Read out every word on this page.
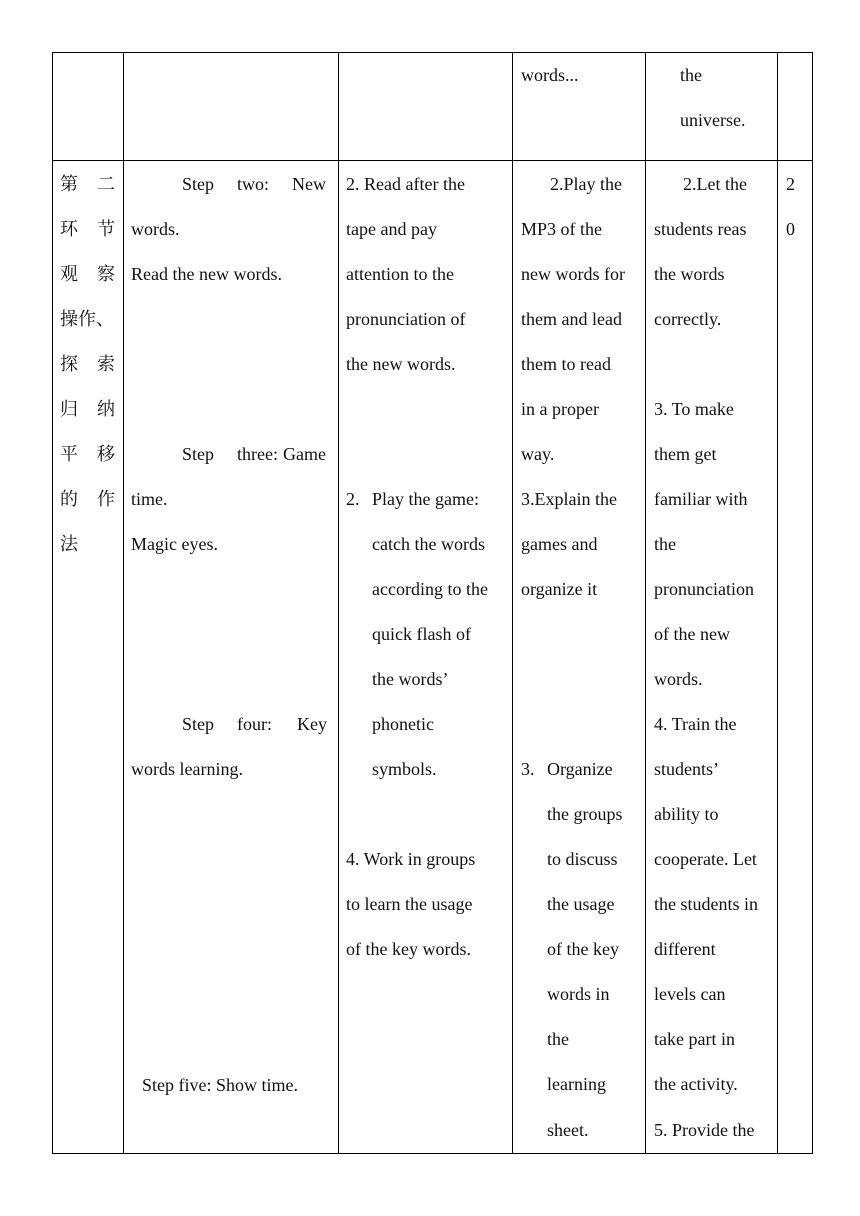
words...	the
universe.
第 二
环 节
观 察
操作、
探 索
归 纳
平 移
的 作
法
Step two: New
words.
Read the new words.
Step three: Game
time.
Magic eyes.
Step four: Key
words learning.
Step five: Show time.
2. Read after the
tape and pay
attention to the
pronunciation of
the new words.
2. Play the game:
catch the words
according to the
quick flash of
the words’
phonetic
symbols.
4. Work in groups
to learn the usage
of the key words.
2.Play the
MP3 of the
new words for
them and lead
them to read
in a proper
way.
3.Explain the
games and
organize it
3. Organize
the groups
to discuss
the usage
of the key
words in
the
learning
sheet.
2.Let the
students reas
the words
correctly.
3. To make
them get
familiar with
the
pronunciation
of the new
words.
4. Train the
students’
ability to
cooperate. Let
the students in
different
levels can
take part in
the activity.
5. Provide the
2
0
